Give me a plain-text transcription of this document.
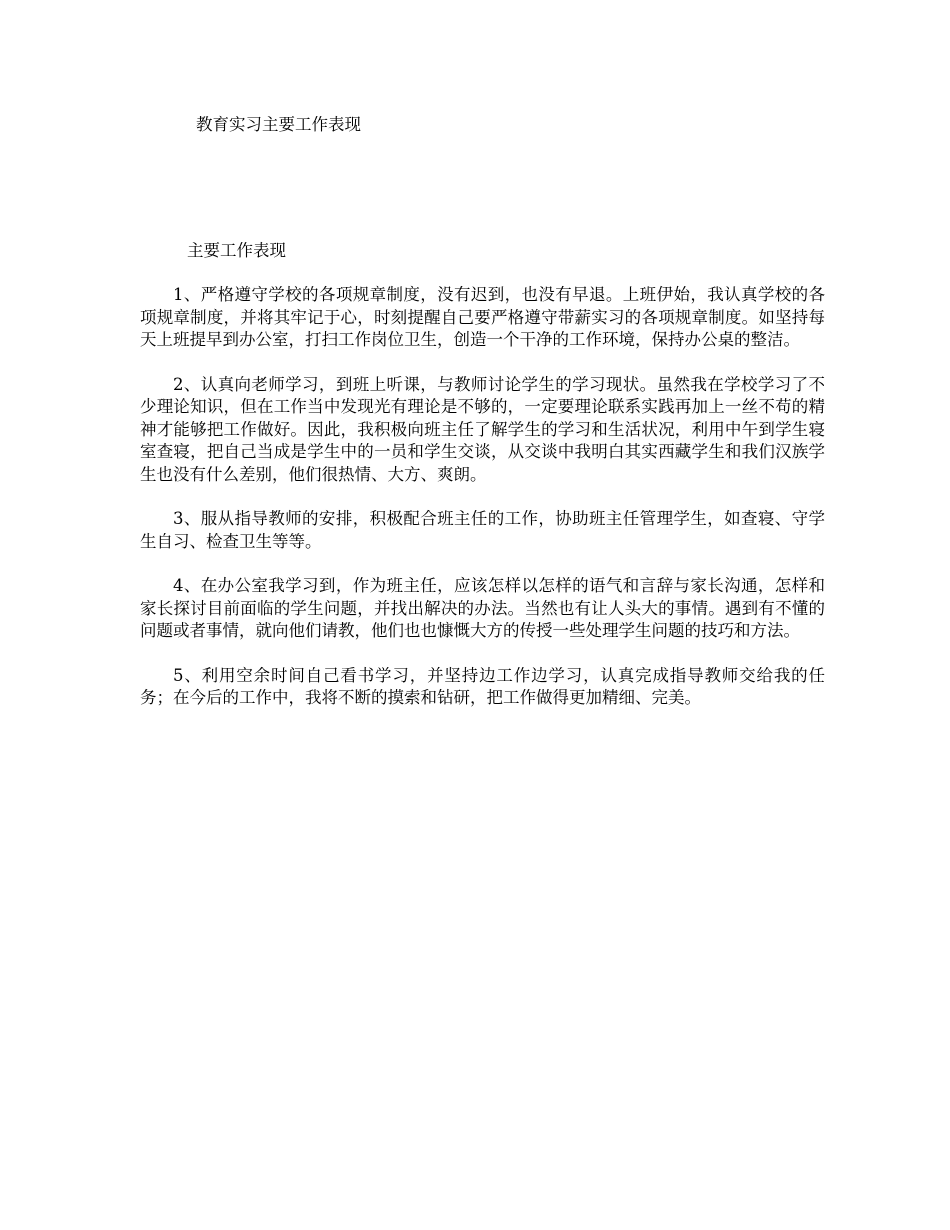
教育实习主要工作表现
主要工作表现

1、严格遵守学校的各项规章制度，没有迟到，也没有早退。上班伊始，我认真学校的各项规章制度，并将其牢记于心，时刻提醒自己要严格遵守带薪实习的各项规章制度。如坚持每天上班提早到办公室，打扫工作岗位卫生，创造一个干净的工作环境，保持办公桌的整洁。

2、认真向老师学习，到班上听课，与教师讨论学生的学习现状。虽然我在学校学习了不少理论知识，但在工作当中发现光有理论是不够的，一定要理论联系实践再加上一丝不苟的精神才能够把工作做好。因此，我积极向班主任了解学生的学习和生活状况，利用中午到学生寝室查寝，把自己当成是学生中的一员和学生交谈，从交谈中我明白其实西藏学生和我们汉族学生也没有什么差别，他们很热情、大方、爽朗。

3、服从指导教师的安排，积极配合班主任的工作，协助班主任管理学生，如查寝、守学生自习、检查卫生等等。

4、在办公室我学习到，作为班主任，应该怎样以怎样的语气和言辞与家长沟通，怎样和家长探讨目前面临的学生问题，并找出解决的办法。当然也有让人头大的事情。遇到有不懂的问题或者事情，就向他们请教，他们也也慷慨大方的传授一些处理学生问题的技巧和方法。

5、利用空余时间自己看书学习，并坚持边工作边学习，认真完成指导教师交给我的任务；在今后的工作中，我将不断的摸索和钻研，把工作做得更加精细、完美。
